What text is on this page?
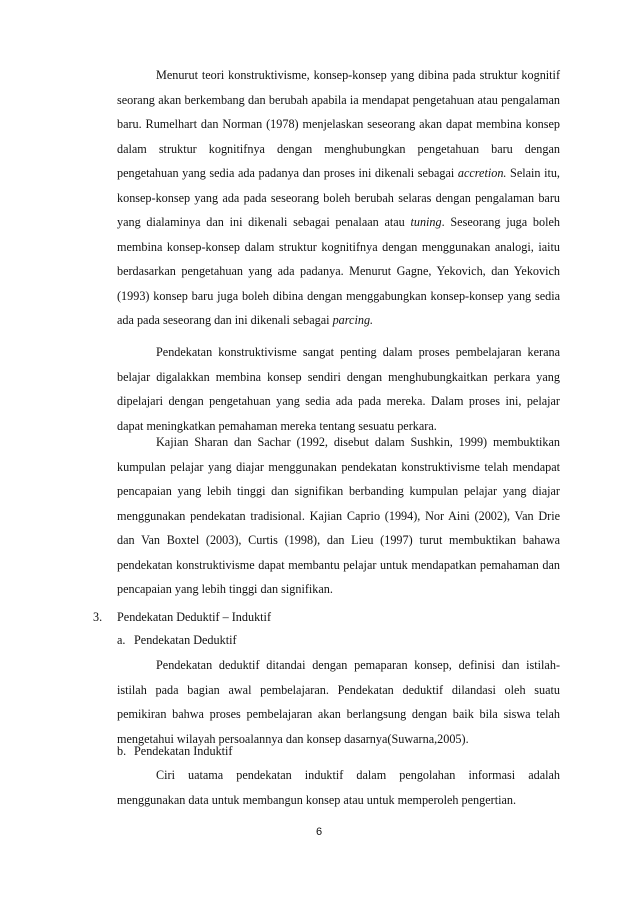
Menurut teori konstruktivisme, konsep-konsep yang dibina pada struktur kognitif seorang akan berkembang dan berubah apabila ia mendapat pengetahuan atau pengalaman baru. Rumelhart dan Norman (1978) menjelaskan seseorang akan dapat membina konsep dalam struktur kognitifnya dengan menghubungkan pengetahuan baru dengan pengetahuan yang sedia ada padanya dan proses ini dikenali sebagai accretion. Selain itu, konsep-konsep yang ada pada seseorang boleh berubah selaras dengan pengalaman baru yang dialaminya dan ini dikenali sebagai penalaan atau tuning. Seseorang juga boleh membina konsep-konsep dalam struktur kognitifnya dengan menggunakan analogi, iaitu berdasarkan pengetahuan yang ada padanya. Menurut Gagne, Yekovich, dan Yekovich (1993) konsep baru juga boleh dibina dengan menggabungkan konsep-konsep yang sedia ada pada seseorang dan ini dikenali sebagai parcing.

Pendekatan konstruktivisme sangat penting dalam proses pembelajaran kerana belajar digalakkan membina konsep sendiri dengan menghubungkaitkan perkara yang dipelajari dengan pengetahuan yang sedia ada pada mereka. Dalam proses ini, pelajar dapat meningkatkan pemahaman mereka tentang sesuatu perkara.

Kajian Sharan dan Sachar (1992, disebut dalam Sushkin, 1999) membuktikan kumpulan pelajar yang diajar menggunakan pendekatan konstruktivisme telah mendapat pencapaian yang lebih tinggi dan signifikan berbanding kumpulan pelajar yang diajar menggunakan pendekatan tradisional. Kajian Caprio (1994), Nor Aini (2002), Van Drie dan Van Boxtel (2003), Curtis (1998), dan Lieu (1997) turut membuktikan bahawa pendekatan konstruktivisme dapat membantu pelajar untuk mendapatkan pemahaman dan pencapaian yang lebih tinggi dan signifikan.

3. Pendekatan Deduktif – Induktif
a. Pendekatan Deduktif

Pendekatan deduktif ditandai dengan pemaparan konsep, definisi dan istilah-istilah pada bagian awal pembelajaran. Pendekatan deduktif dilandasi oleh suatu pemikiran bahwa proses pembelajaran akan berlangsung dengan baik bila siswa telah mengetahui wilayah persoalannya dan konsep dasarnya(Suwarna,2005).

b. Pendekatan Induktif

Ciri uatama pendekatan induktif dalam pengolahan informasi adalah menggunakan data untuk membangun konsep atau untuk memperoleh pengertian.

6
